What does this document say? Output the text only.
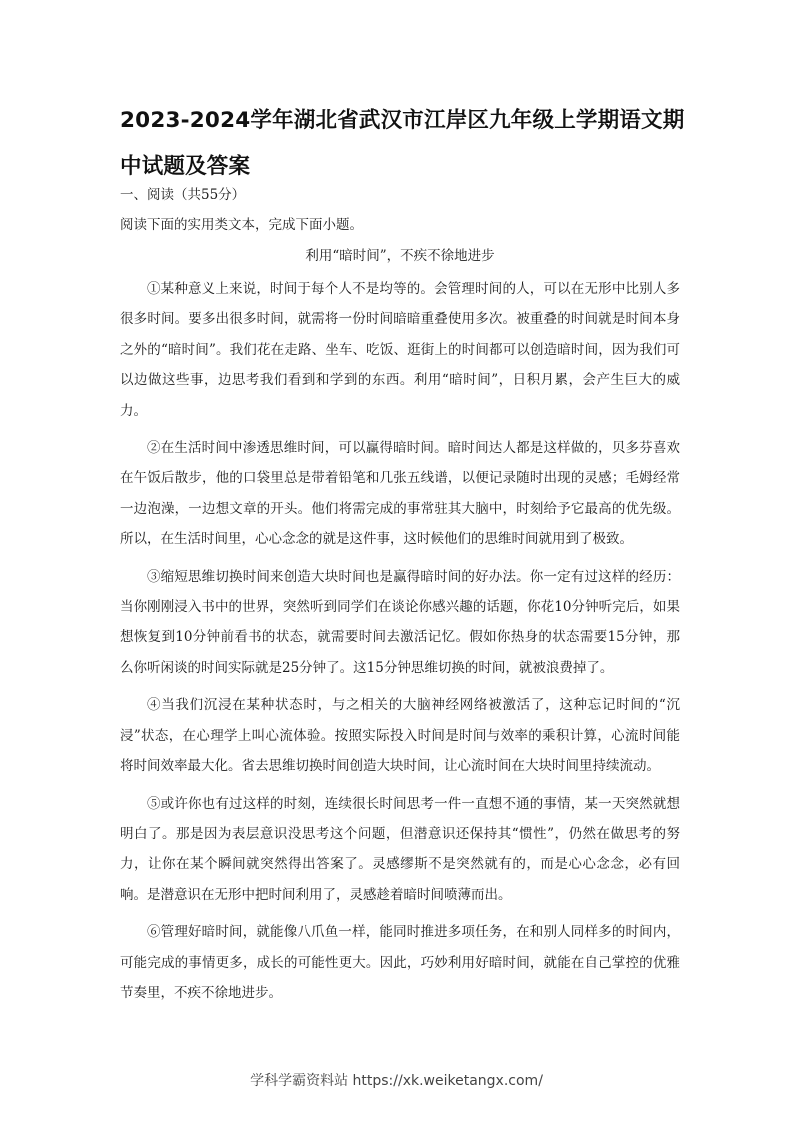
2023-2024学年湖北省武汉市江岸区九年级上学期语文期中试题及答案

一、阅读（共55分）

阅读下面的实用类文本，完成下面小题。

利用“暗时间”，不疾不徐地进步

①某种意义上来说，时间于每个人不是均等的。会管理时间的人，可以在无形中比别人多很多时间。要多出很多时间，就需将一份时间暗暗重叠使用多次。被重叠的时间就是时间本身之外的“暗时间”。我们花在走路、坐车、吃饭、逛街上的时间都可以创造暗时间，因为我们可以边做这些事，边思考我们看到和学到的东西。利用“暗时间”，日积月累，会产生巨大的威力。

②在生活时间中渗透思维时间，可以赢得暗时间。暗时间达人都是这样做的，贝多芬喜欢在午饭后散步，他的口袋里总是带着铅笔和几张五线谱，以便记录随时出现的灵感；毛姆经常一边泡澡，一边想文章的开头。他们将需完成的事常驻其大脑中，时刻给予它最高的优先级。所以，在生活时间里，心心念念的就是这件事，这时候他们的思维时间就用到了极致。

③缩短思维切换时间来创造大块时间也是赢得暗时间的好办法。你一定有过这样的经历：当你刚刚浸入书中的世界，突然听到同学们在谈论你感兴趣的话题，你花10分钟听完后，如果想恢复到10分钟前看书的状态，就需要时间去激活记忆。假如你热身的状态需要15分钟，那么你听闲谈的时间实际就是25分钟了。这15分钟思维切换的时间，就被浪费掉了。

④当我们沉浸在某种状态时，与之相关的大脑神经网络被激活了，这种忘记时间的“沉浸”状态，在心理学上叫心流体验。按照实际投入时间是时间与效率的乘积计算，心流时间能将时间效率最大化。省去思维切换时间创造大块时间，让心流时间在大块时间里持续流动。

⑤或许你也有过这样的时刻，连续很长时间思考一件一直想不通的事情，某一天突然就想明白了。那是因为表层意识没思考这个问题，但潜意识还保持其“惯性”，仍然在做思考的努力，让你在某个瞬间就突然得出答案了。灵感缪斯不是突然就有的，而是心心念念，必有回响。是潜意识在无形中把时间利用了，灵感趁着暗时间喷薄而出。

⑥管理好暗时间，就能像八爪鱼一样，能同时推进多项任务，在和别人同样多的时间内，可能完成的事情更多，成长的可能性更大。因此，巧妙利用好暗时间，就能在自己掌控的优雅节奏里，不疾不徐地进步。

学科学霸资料站 https://xk.weiketangx.com/
